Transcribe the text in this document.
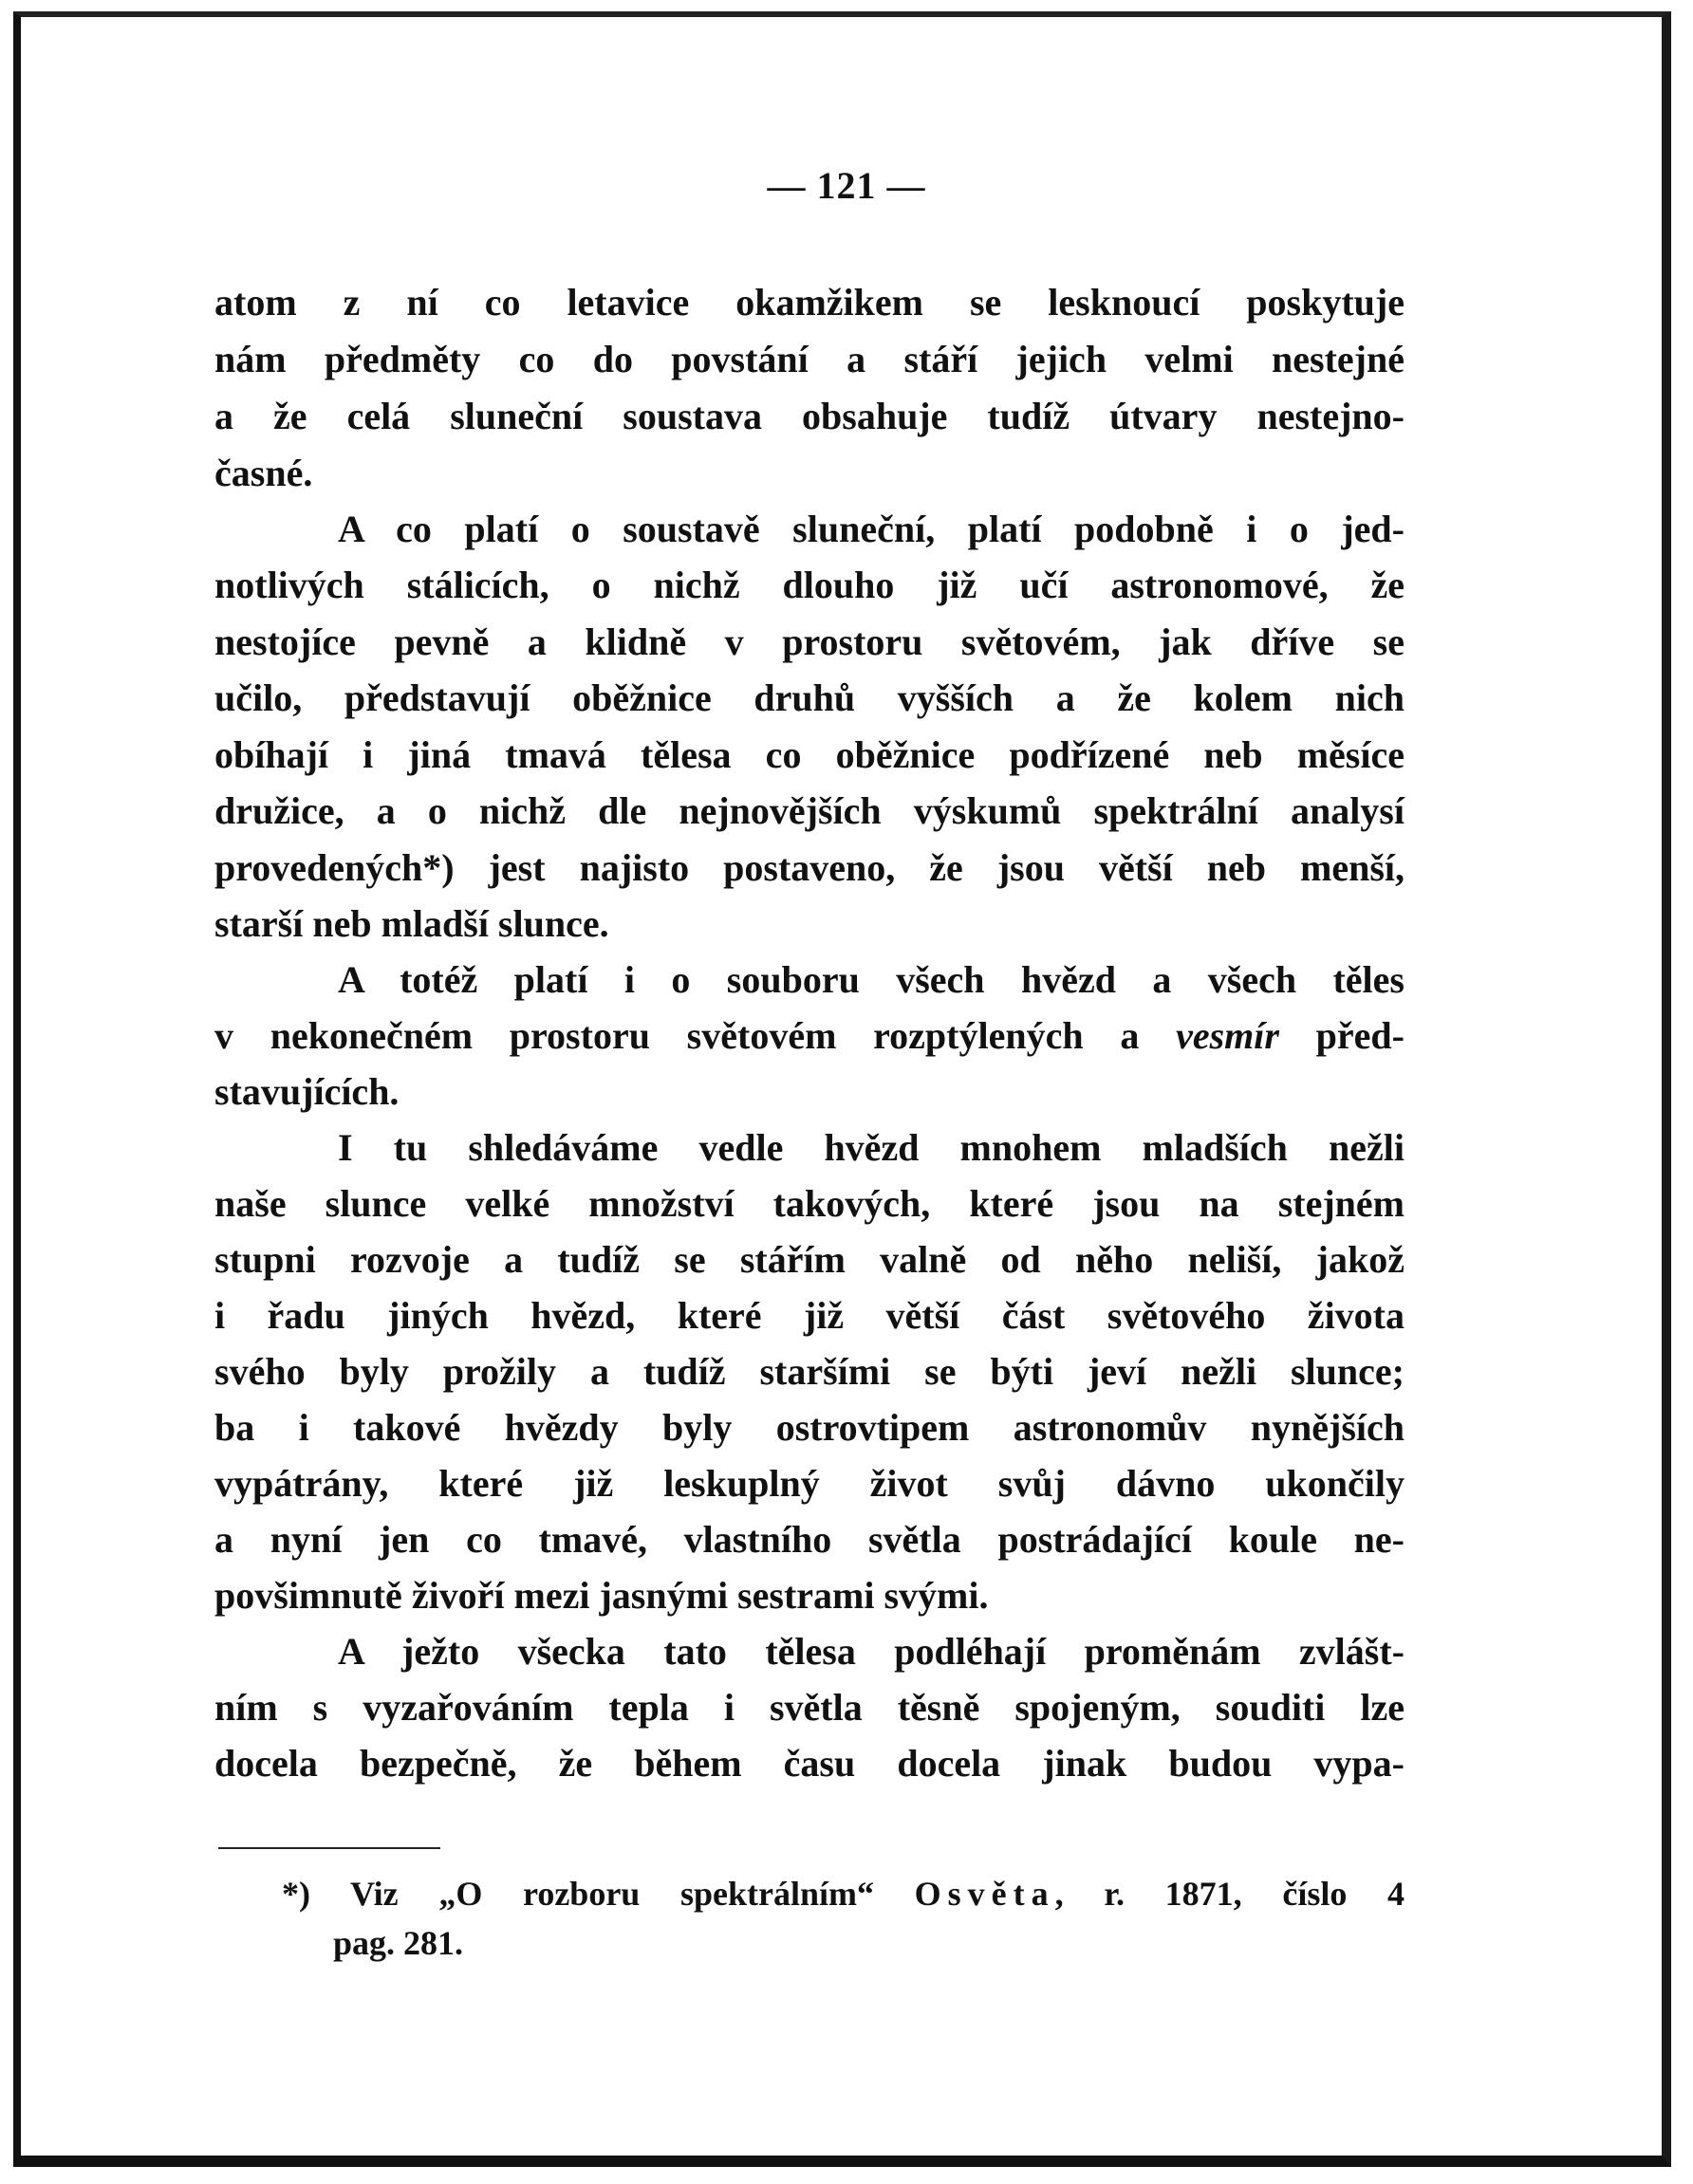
— 121 —
atom z ní co letavice okamžikem se lesknoucí poskytuje
nám předměty co do povstání a stáří jejich velmi nestejné
a že celá sluneční soustava obsahuje tudíž útvary nestejno-
časné.
A co platí o soustavě sluneční, platí podobně i o jed-
notlivých stálicích, o nichž dlouho již učí astronomové, že
nestojíce pevně a klidně v prostoru světovém, jak dříve se
učilo, představují oběžnice druhů vyšších a že kolem nich
obíhají i jiná tmavá tělesa co oběžnice podřízené neb měsíce
družice, a o nichž dle nejnovějších výskumů spektrální analysí
provedených*) jest najisto postaveno, že jsou větší neb menší,
starší neb mladší slunce.
A totéž platí i o souboru všech hvězd a všech těles
v nekonečném prostoru světovém rozptýlených a vesmír před-
stavujících.
I tu shledáváme vedle hvězd mnohem mladších nežli
naše slunce velké množství takových, které jsou na stejném
stupni rozvoje a tudíž se stářím valně od něho neliší, jakož
i řadu jiných hvězd, které již větší část světového života
svého byly prožily a tudíž staršími se býti jeví nežli slunce;
ba i takové hvězdy byly ostrovtipem astronomův nynějších
vypátrány, které již leskuplný život svůj dávno ukončily
a nyní jen co tmavé, vlastního světla postrádající koule ne-
povšimnutě živoří mezi jasnými sestrami svými.
A ježto všecka tato tělesa podléhají proměnám zvlášt-
ním s vyzařováním tepla i světla těsně spojeným, souditi lze
docela bezpečně, že během času docela jinak budou vypa-
*) Viz „O rozboru spektrálním“ Osvěta, r. 1871, číslo 4
pag. 281.
